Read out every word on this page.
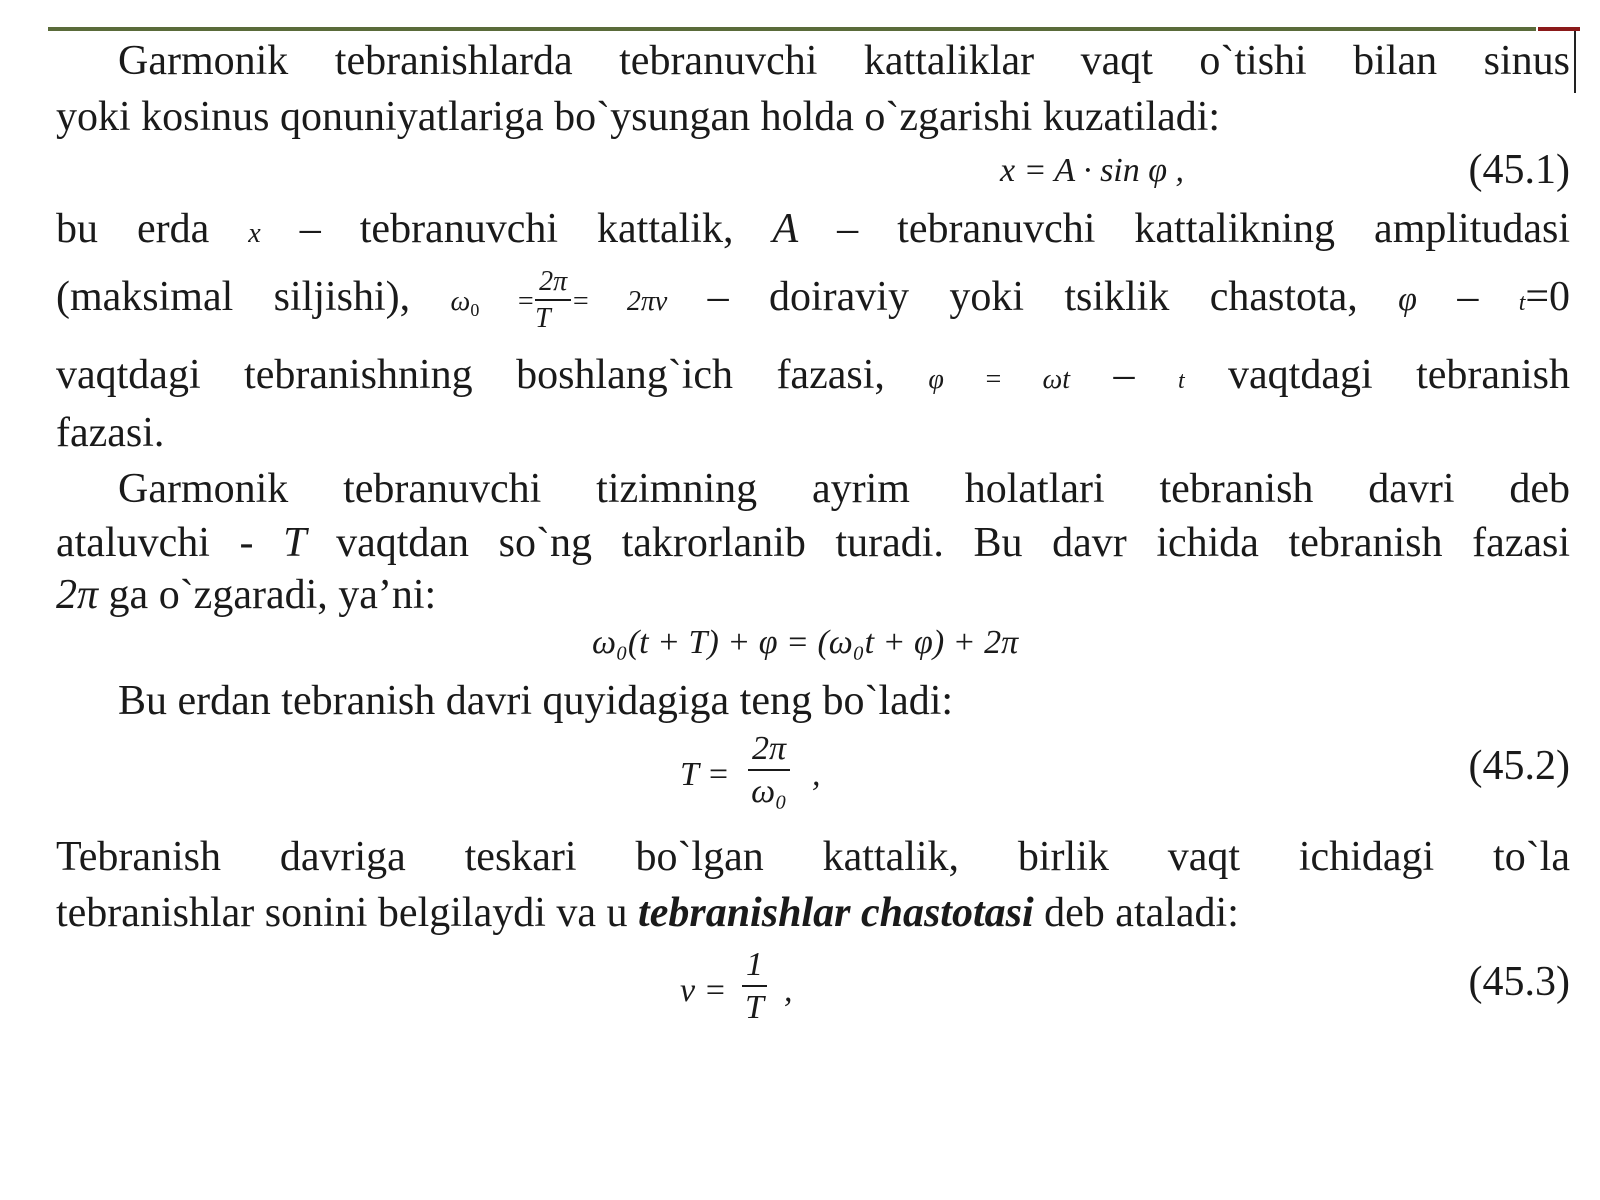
Garmonik tebranishlarda tebranuvchi kattaliklar vaqt o`tishi bilan sinus
yoki kosinus qonuniyatlariga bo`ysungan holda o`zgarishi kuzatiladi:
x = A · sin φ ,	(45.1)
bu erda x – tebranuvchi kattalik, A – tebranuvchi kattalikning amplitudasi
(maksimal siljishi), $\omega_0 = \frac{2\pi}{T} = 2\pi\nu$ – doiraviy yoki tsiklik chastota, φ – t=0
vaqtdagi tebranishning boshlang`ich fazasi, φ = ωt – t vaqtdagi tebranish
fazasi.
Garmonik tebranuvchi tizimning ayrim holatlari tebranish davri deb
ataluvchi - T vaqtdan so`ng takrorlanib turadi. Bu davr ichida tebranish fazasi
2π ga o`zgaradi, ya’ni:
ω₀(t + T) + φ = (ω₀t + φ) + 2π
Bu erdan tebranish davri quyidagiga teng bo`ladi:
$T = \frac{2\pi}{\text{ω₀}}$ ,	(45.2)
Tebranish davriga teskari bo`lgan kattalik, birlik vaqt ichidagi to`la
tebranishlar sonini belgilaydi va u tebranishlar chastotasi deb ataladi:
$\nu = \frac{1}{T}$ ,	(45.3)
